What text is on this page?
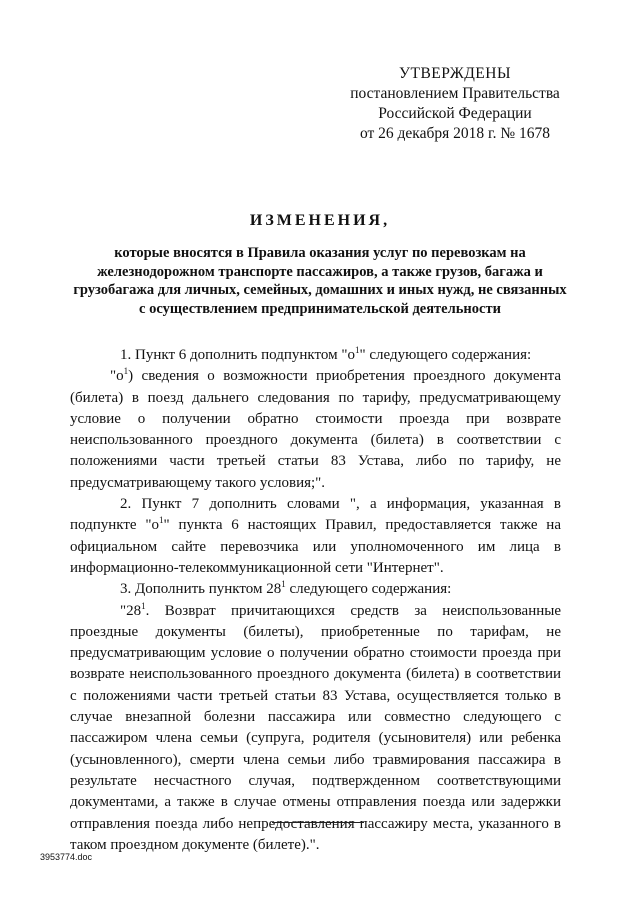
УТВЕРЖДЕНЫ
постановлением Правительства
Российской Федерации
от 26 декабря 2018 г. № 1678
ИЗМЕНЕНИЯ,
которые вносятся в Правила оказания услуг по перевозкам на железнодорожном транспорте пассажиров, а также грузов, багажа и грузобагажа для личных, семейных, домашних и иных нужд, не связанных с осуществлением предпринимательской деятельности

1. Пункт 6 дополнить подпунктом "$о^1$" следующего содержания:

"$о^1$) сведения о возможности приобретения проездного документа (билета) в поезд дальнего следования по тарифу, предусматривающему условие о получении обратно стоимости проезда при возврате неиспользованного проездного документа (билета) в соответствии с положениями части третьей статьи 83 Устава, либо по тарифу, не предусматривающему такого условия;".

2. Пункт 7 дополнить словами ", а информация, указанная в подпункте "$о^1$" пункта 6 настоящих Правил, предоставляется также на официальном сайте перевозчика или уполномоченного им лица в информационно-телекоммуникационной сети "Интернет".

3. Дополнить пунктом $28^1$ следующего содержания:

"$28^1$. Возврат причитающихся средств за неиспользованные проездные документы (билеты), приобретенные по тарифам, не предусматривающим условие о получении обратно стоимости проезда при возврате неиспользованного проездного документа (билета) в соответствии с положениями части третьей статьи 83 Устава, осуществляется только в случае внезапной болезни пассажира или совместно следующего с пассажиром члена семьи (супруга, родителя (усыновителя) или ребенка (усыновленного), смерти члена семьи либо травмирования пассажира в результате несчастного случая, подтвержденном соответствующими документами, а также в случае отмены отправления поезда или задержки отправления поезда либо непредоставления пассажиру места, указанного в таком проездном документе (билете).".

3953774.doc
